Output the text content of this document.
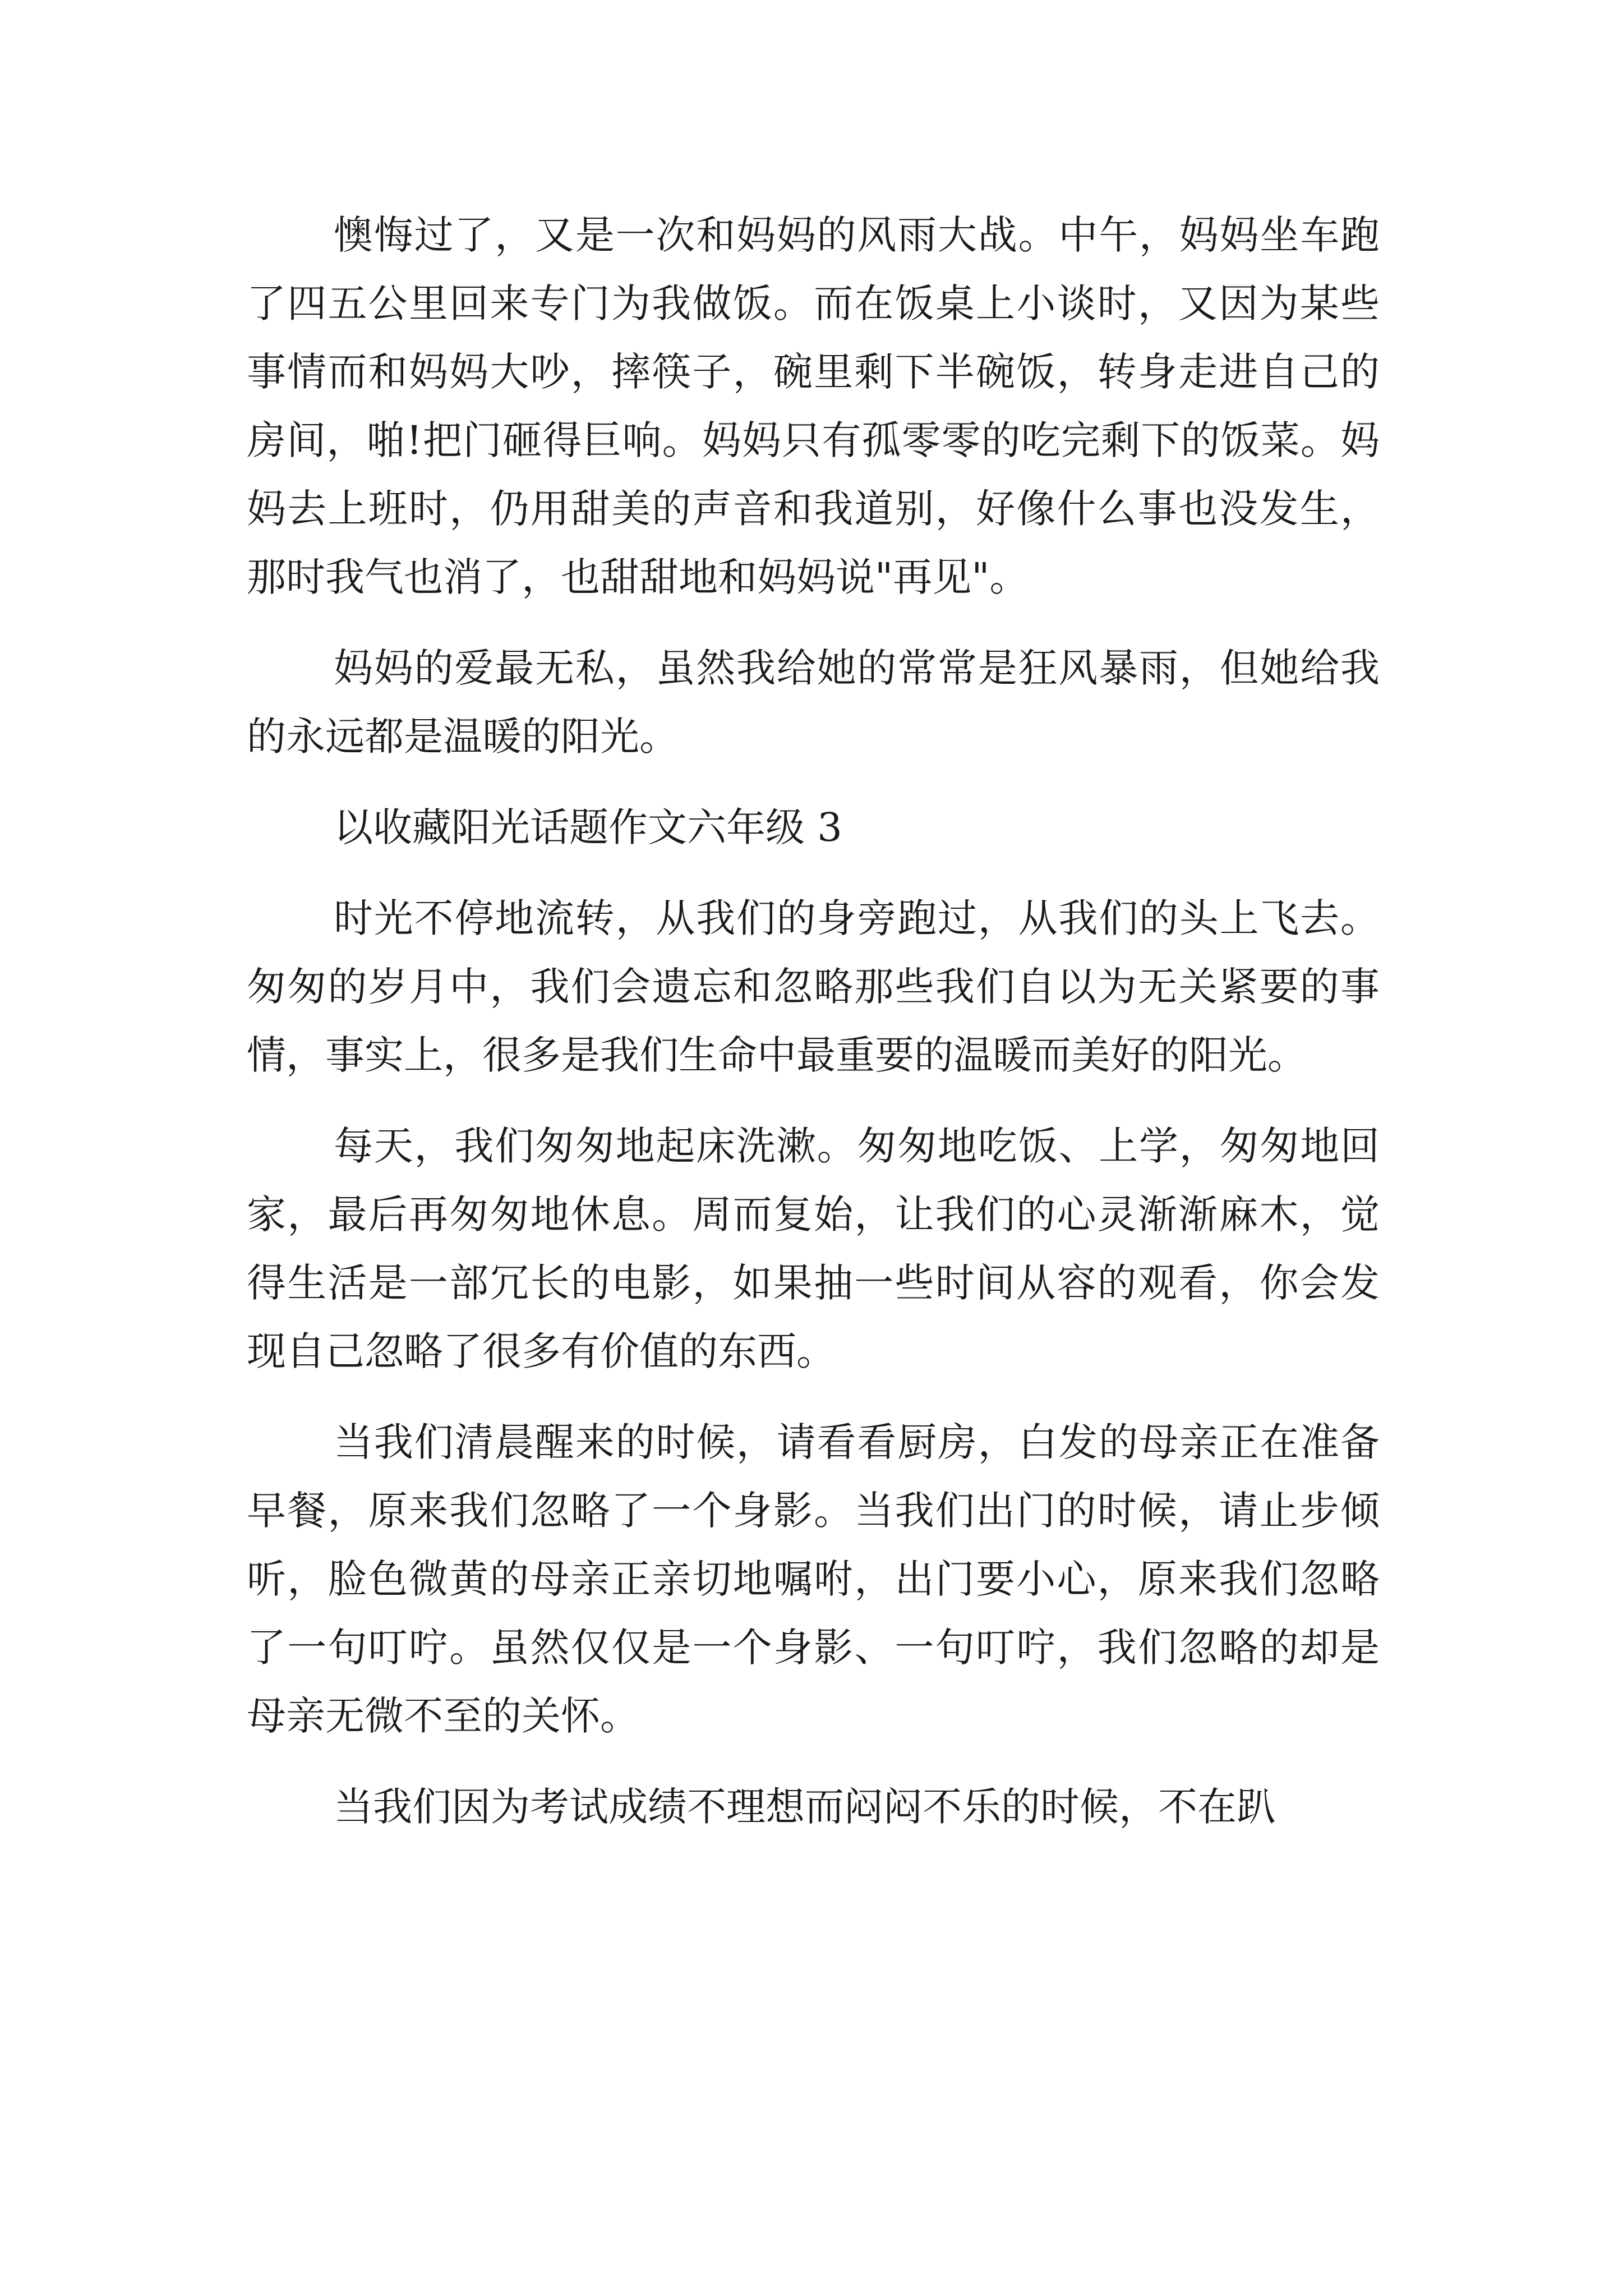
懊悔过了，又是一次和妈妈的风雨大战。中午，妈妈坐车跑了四五公里回来专门为我做饭。而在饭桌上小谈时，又因为某些事情而和妈妈大吵，摔筷子，碗里剩下半碗饭，转身走进自己的房间，啪!把门砸得巨响。妈妈只有孤零零的吃完剩下的饭菜。妈妈去上班时，仍用甜美的声音和我道别，好像什么事也没发生，那时我气也消了，也甜甜地和妈妈说"再见"。

妈妈的爱最无私，虽然我给她的常常是狂风暴雨，但她给我的永远都是温暖的阳光。

以收藏阳光话题作文六年级 3

时光不停地流转，从我们的身旁跑过，从我们的头上飞去。匆匆的岁月中，我们会遗忘和忽略那些我们自以为无关紧要的事情，事实上，很多是我们生命中最重要的温暖而美好的阳光。

每天，我们匆匆地起床洗漱。匆匆地吃饭、上学，匆匆地回家，最后再匆匆地休息。周而复始，让我们的心灵渐渐麻木，觉得生活是一部冗长的电影，如果抽一些时间从容的观看，你会发现自己忽略了很多有价值的东西。

当我们清晨醒来的时候，请看看厨房，白发的母亲正在准备早餐，原来我们忽略了一个身影。当我们出门的时候，请止步倾听，脸色微黄的母亲正亲切地嘱咐，出门要小心，原来我们忽略了一句叮咛。虽然仅仅是一个身影、一句叮咛，我们忽略的却是母亲无微不至的关怀。

当我们因为考试成绩不理想而闷闷不乐的时候，不在趴
